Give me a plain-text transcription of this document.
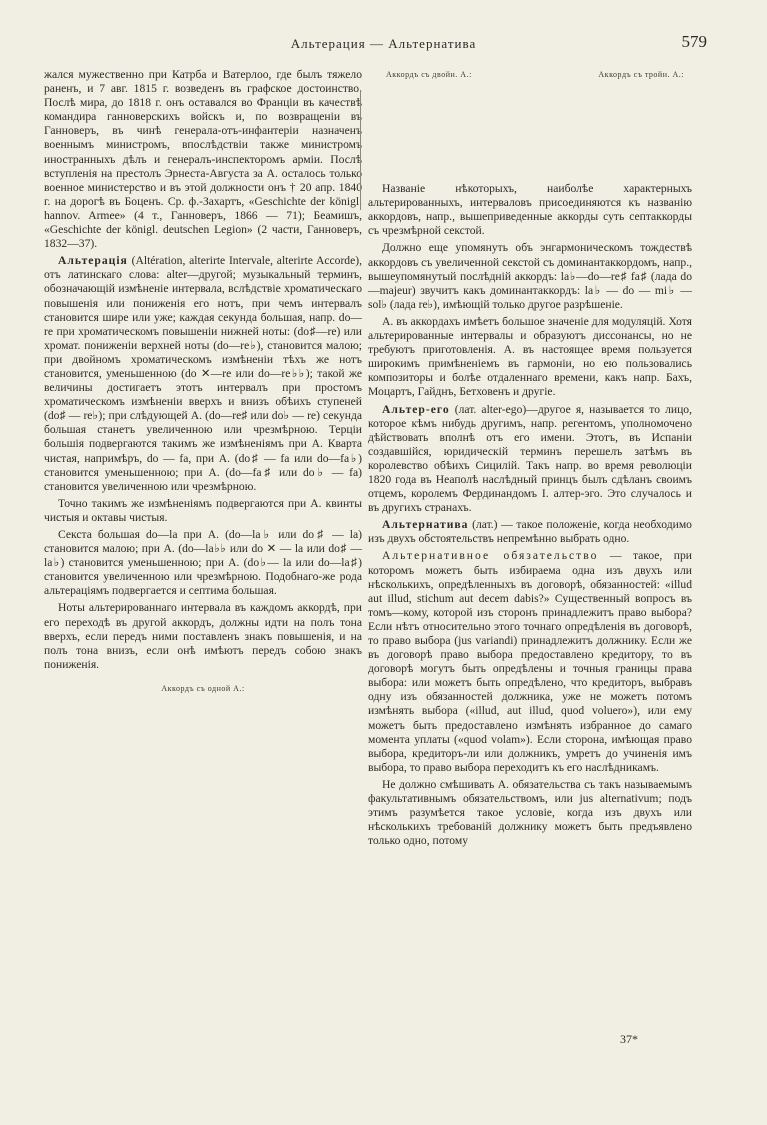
Альтерация — Альтернатива	579

жался мужественно при Катрба и Ватерлоо, где былъ тяжело раненъ, и 7 авг. 1815 г. возведенъ въ графское достоинство. Послѣ мира, до 1818 г. онъ оставался во Франціи въ качествѣ командира ганноверскихъ войскъ и, по возвращеніи въ Ганноверъ, въ чинѣ генерала-отъ-инфантеріи назначенъ военнымъ министромъ, впослѣдствіи также министромъ иностранныхъ дѣлъ и генералъ-инспекторомъ арміи. Послѣ вступленія на престолъ Эрнеста-Августа за А. осталось только военное министерство и въ этой должности онъ † 20 апр. 1840 г. на дорогѣ въ Боценъ. Ср. ф.-Захартъ, «Geschichte der königl. hannov. Armee» (4 т., Ганноверъ, 1866 — 71); Беамишъ, «Geschichte der königl. deutschen Legion» (2 части, Ганноверъ, 1832—37).

Альтерація (Altération, alterirte Intervale, alterirte Accorde), отъ латинскаго слова: alter—другой; музыкальный терминъ, обозначающій измѣненіе интервала, вслѣдствіе хроматическаго повышенія или пониженія его нотъ, при чемъ интервалъ становится шире или уже; каждая секунда большая, напр. do—re при хроматическомъ повышеніи нижней ноты: (do♯—re) или хромат. пониженіи верхней ноты (do—re♭), становится малою; при двойномъ хроматическомъ измѣненіи тѣхъ же нотъ становится, уменьшенною (do ✕—re или do—re♭♭); такой же величины достигаетъ этотъ интервалъ при простомъ хроматическомъ измѣненіи вверхъ и внизъ обѣихъ ступеней (do♯ — re♭); при слѣдующей А. (do—re♯ или do♭ — re) секунда большая станетъ увеличенною или чрезмѣрною. Терціи большія подвергаются такимъ же измѣненіямъ при А. Кварта чистая, напримѣръ, do — fa, при А. (do♯ — fa или do—fa♭) становится уменьшенною; при А. (do—fa♯ или do♭ — fa) становится увеличенною или чрезмѣрною.

Точно такимъ же измѣненіямъ подвергаются при А. квинты чистыя и октавы чистыя.

Секста большая do—la при А. (do—la♭ или do♯ — la) становится малою; при А. (do—la♭♭ или do ✕ — la или do♯ — la♭) становится уменьшенною; при А. (do♭— la или do—la♯) становится увеличенною или чрезмѣрною. Подобнаго-же рода альтераціямъ подвергается и септима большая.

Ноты альтерированнаго интервала въ каждомъ аккордѣ, при его переходѣ въ другой аккордъ, должны идти на полъ тона вверхъ, если передъ ними поставленъ знакъ повышенія, и на полъ тона внизъ, если онѣ имѣютъ передъ собою знакъ пониженія.

Аккордъ съ одной А.:
Аккордъ съ двойн. А.:	Аккордъ съ тройн. А.:

Названіе нѣкоторыхъ, наиболѣе характерныхъ альтерированныхъ, интерваловъ присоединяются къ названію аккордовъ, напр., вышеприведенные аккорды суть септаккорды съ чрезмѣрной секстой.

Должно еще упомянуть объ энгармоническомъ тождествѣ аккордовъ съ увеличенной секстой съ доминантаккордомъ, напр., вышеупомянутый послѣдній аккордъ: la♭—do—re♯ fa♯ (лада do—majeur) звучитъ какъ доминантаккордъ: la♭ — do — mi♭ — sol♭ (лада re♭), имѣющій только другое разрѣшеніе.

А. въ аккордахъ имѣетъ большое значеніе для модуляцій. Хотя альтерированные интервалы и образуютъ диссонансы, но не требуютъ приготовленія. А. въ настоящее время пользуется широкимъ примѣненіемъ въ гармоніи, но ею пользовались композиторы и болѣе отдаленнаго времени, какъ напр. Бахъ, Моцартъ, Гайднъ, Бетховенъ и другіе.

Альтер-его (лат. alter-ego)—другое я, называется то лицо, которое кѣмъ нибудь другимъ, напр. регентомъ, уполномочено дѣйствовать вполнѣ отъ его имени. Этотъ, въ Испаніи создавшійся, юридическій терминъ перешелъ затѣмъ въ королевство обѣихъ Сицилій. Такъ напр. во время революціи 1820 года въ Неаполѣ наслѣдный принцъ былъ сдѣланъ своимъ отцемъ, королемъ Фердинандомъ I. алтер-эго. Это случалось и въ другихъ странахъ.

Альтернатива (лат.) — такое положеніе, когда необходимо изъ двухъ обстоятельствъ непремѣнно выбрать одно.

Альтернативное обязательство — такое, при которомъ можетъ быть избираема одна изъ двухъ или нѣсколькихъ, опредѣленныхъ въ договорѣ, обязанностей: «illud aut illud, stichum aut decem dabis?» Существенный вопросъ въ томъ—кому, которой изъ сторонъ принадлежитъ право выбора? Если нѣтъ относительно этого точнаго опредѣленія въ договорѣ, то право выбора (jus variandi) принадлежитъ должнику. Если же въ договорѣ право выбора предоставлено кредитору, то въ договорѣ могутъ быть опредѣлены и точныя границы права выбора: или можетъ быть опредѣлено, что кредиторъ, выбравъ одну изъ обязанностей должника, уже не можетъ потомъ измѣнять выбора («illud, aut illud, quod voluero»), или ему можетъ быть предоставлено измѣнять избранное до самаго момента уплаты («quod volam»). Если сторона, имѣющая право выбора, кредиторъ-ли или должникъ, умретъ до учиненія имъ выбора, то право выбора переходитъ къ его наслѣдникамъ.

Не должно смѣшивать А. обязательства съ такъ называемымъ факультативнымъ обязательствомъ, или jus alternativum; подъ этимъ разумѣется такое условіе, когда изъ двухъ или нѣсколькихъ требованій должнику можетъ быть предъявлено только одно, потому

37*
